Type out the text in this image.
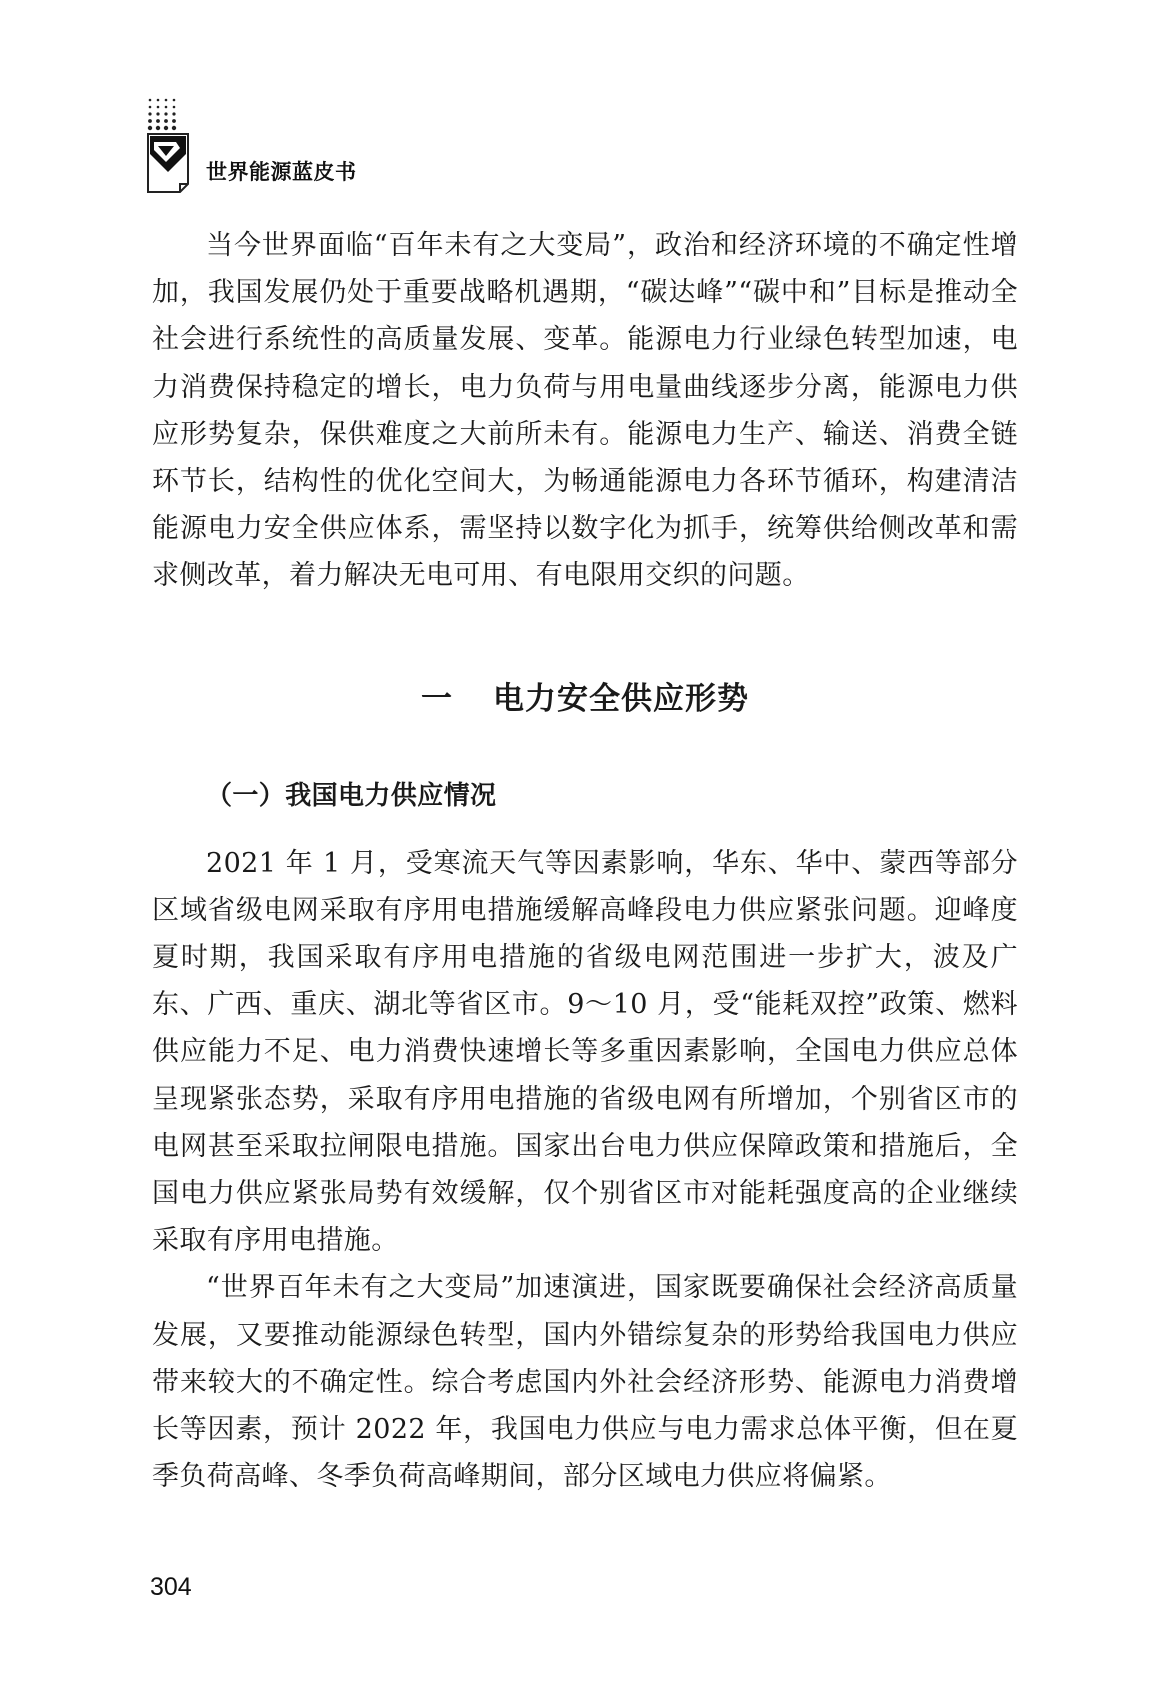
世界能源蓝皮书

当今世界面临“百年未有之大变局”，政治和经济环境的不确定性增加，我国发展仍处于重要战略机遇期，“碳达峰”“碳中和”目标是推动全社会进行系统性的高质量发展、变革。能源电力行业绿色转型加速，电力消费保持稳定的增长，电力负荷与用电量曲线逐步分离，能源电力供应形势复杂，保供难度之大前所未有。能源电力生产、输送、消费全链环节长，结构性的优化空间大，为畅通能源电力各环节循环，构建清洁能源电力安全供应体系，需坚持以数字化为抓手，统筹供给侧改革和需求侧改革，着力解决无电可用、有电限用交织的问题。

一 电力安全供应形势
（一）我国电力供应情况

2021 年 1 月，受寒流天气等因素影响，华东、华中、蒙西等部分区域省级电网采取有序用电措施缓解高峰段电力供应紧张问题。迎峰度夏时期，我国采取有序用电措施的省级电网范围进一步扩大，波及广东、广西、重庆、湖北等省区市。9～10 月，受“能耗双控”政策、燃料供应能力不足、电力消费快速增长等多重因素影响，全国电力供应总体呈现紧张态势，采取有序用电措施的省级电网有所增加，个别省区市的电网甚至采取拉闸限电措施。国家出台电力供应保障政策和措施后，全国电力供应紧张局势有效缓解，仅个别省区市对能耗强度高的企业继续采取有序用电措施。

“世界百年未有之大变局”加速演进，国家既要确保社会经济高质量发展，又要推动能源绿色转型，国内外错综复杂的形势给我国电力供应带来较大的不确定性。综合考虑国内外社会经济形势、能源电力消费增长等因素，预计 2022 年，我国电力供应与电力需求总体平衡，但在夏季负荷高峰、冬季负荷高峰期间，部分区域电力供应将偏紧。

304
